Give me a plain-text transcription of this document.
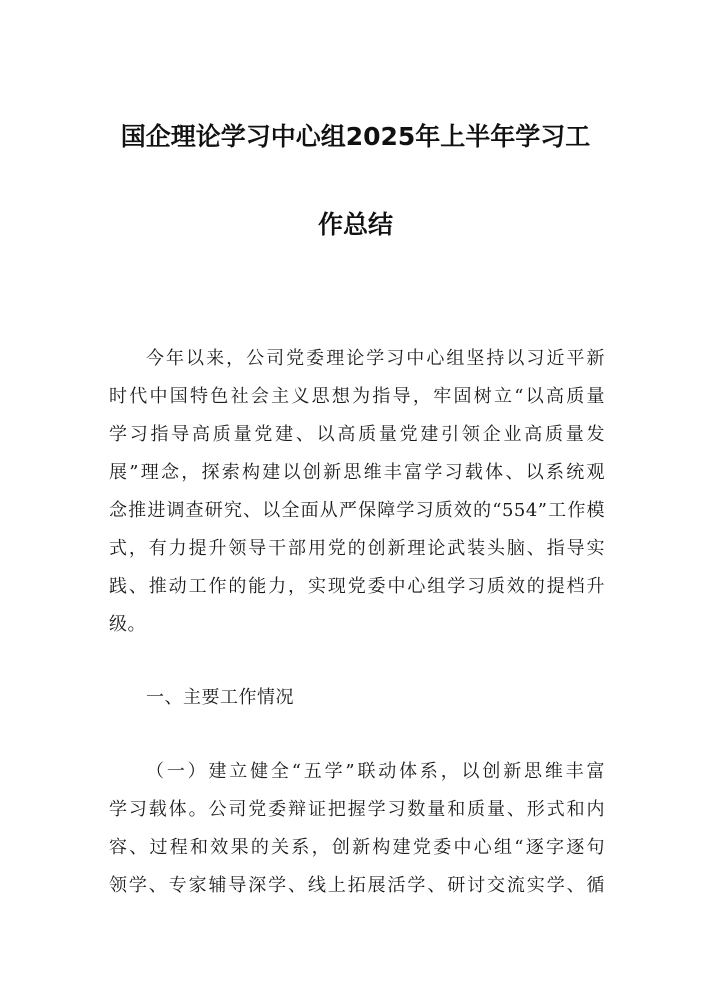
国企理论学习中心组2025年上半年学习工
作总结
今年以来，公司党委理论学习中心组坚持以习近平新
时代中国特色社会主义思想为指导，牢固树立“以高质量
学习指导高质量党建、以高质量党建引领企业高质量发
展”理念，探索构建以创新思维丰富学习载体、以系统观
念推进调查研究、以全面从严保障学习质效的“554”工作模
式，有力提升领导干部用党的创新理论武装头脑、指导实
践、推动工作的能力，实现党委中心组学习质效的提档升
级。
一、主要工作情况
（一）建立健全“五学”联动体系，以创新思维丰富
学习载体。公司党委辩证把握学习数量和质量、形式和内
容、过程和效果的关系，创新构建党委中心组“逐字逐句
领学、专家辅导深学、线上拓展活学、研讨交流实学、循
